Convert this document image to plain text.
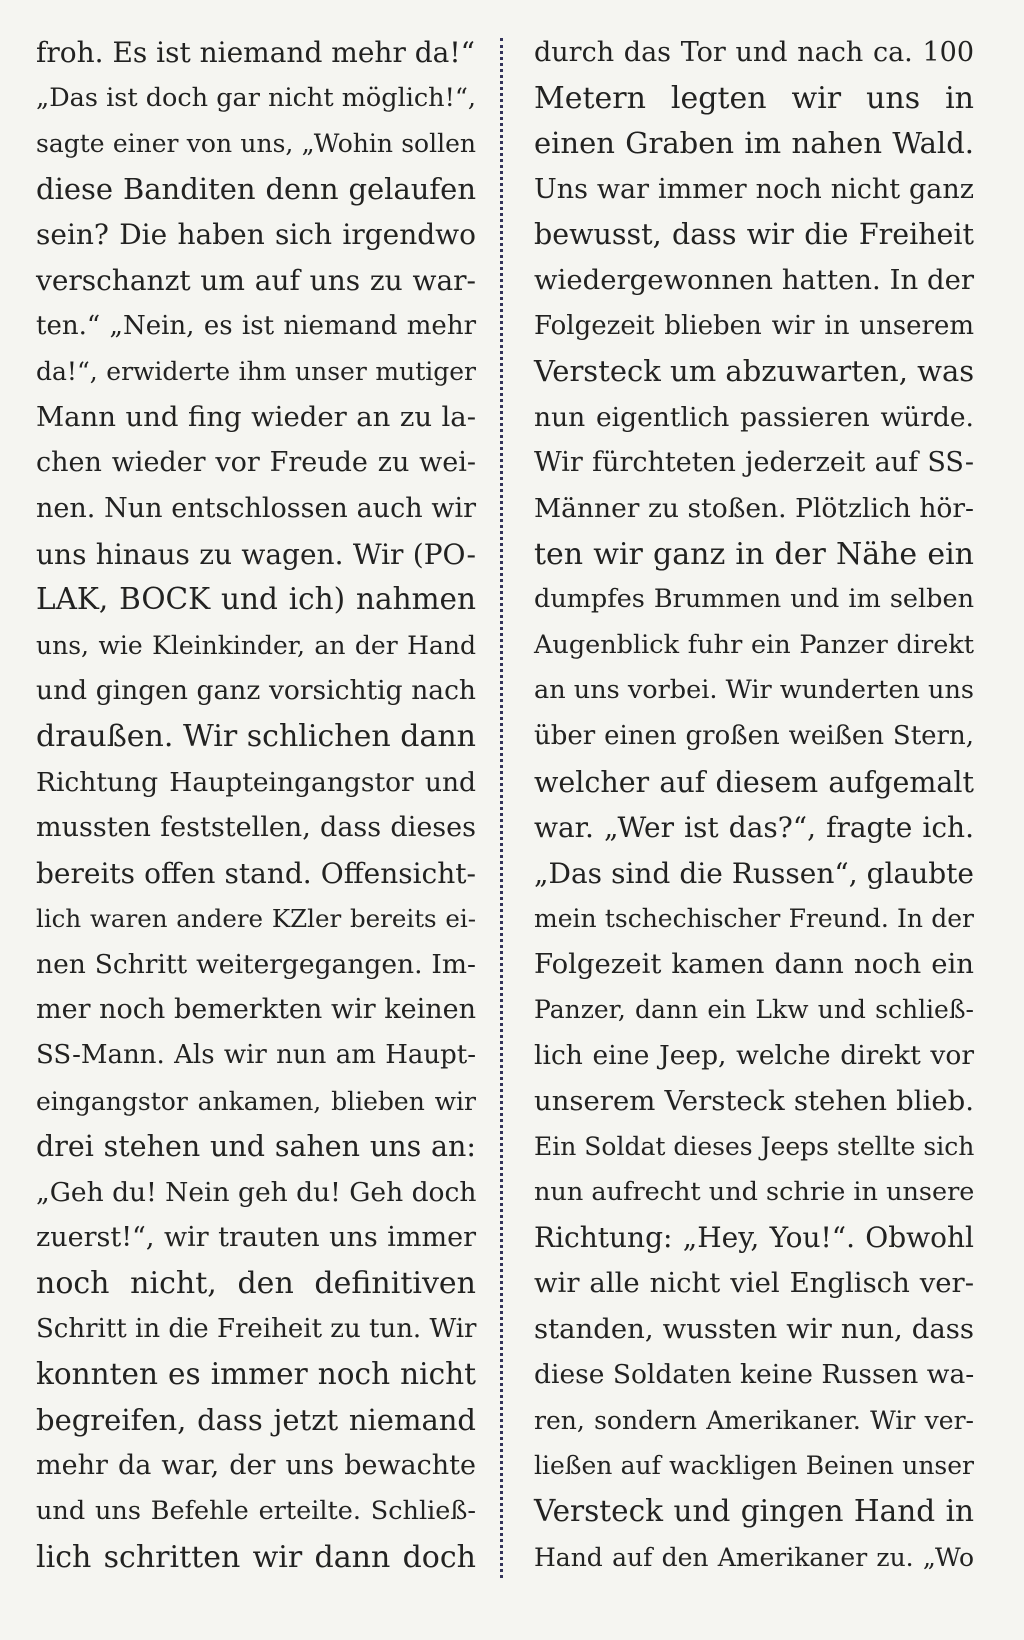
froh. Es ist niemand mehr da!“
„Das ist doch gar nicht möglich!“,
sagte einer von uns, „Wohin sollen
diese Banditen denn gelaufen
sein? Die haben sich irgendwo
verschanzt um auf uns zu war-
ten.“ „Nein, es ist niemand mehr
da!“, erwiderte ihm unser mutiger
Mann und fing wieder an zu la-
chen wieder vor Freude zu wei-
nen. Nun entschlossen auch wir
uns hinaus zu wagen. Wir (PO-
LAK, BOCK und ich) nahmen
uns, wie Kleinkinder, an der Hand
und gingen ganz vorsichtig nach
draußen. Wir schlichen dann
Richtung Haupteingangstor und
mussten feststellen, dass dieses
bereits offen stand. Offensicht-
lich waren andere KZler bereits ei-
nen Schritt weitergegangen. Im-
mer noch bemerkten wir keinen
SS-Mann. Als wir nun am Haupt-
eingangstor ankamen, blieben wir
drei stehen und sahen uns an:
„Geh du! Nein geh du! Geh doch
zuerst!“, wir trauten uns immer
noch nicht, den definitiven
Schritt in die Freiheit zu tun. Wir
konnten es immer noch nicht
begreifen, dass jetzt niemand
mehr da war, der uns bewachte
und uns Befehle erteilte. Schließ-
lich schritten wir dann doch
durch das Tor und nach ca. 100
Metern legten wir uns in
einen Graben im nahen Wald.
Uns war immer noch nicht ganz
bewusst, dass wir die Freiheit
wiedergewonnen hatten. In der
Folgezeit blieben wir in unserem
Versteck um abzuwarten, was
nun eigentlich passieren würde.
Wir fürchteten jederzeit auf SS-
Männer zu stoßen. Plötzlich hör-
ten wir ganz in der Nähe ein
dumpfes Brummen und im selben
Augenblick fuhr ein Panzer direkt
an uns vorbei. Wir wunderten uns
über einen großen weißen Stern,
welcher auf diesem aufgemalt
war. „Wer ist das?“, fragte ich.
„Das sind die Russen“, glaubte
mein tschechischer Freund. In der
Folgezeit kamen dann noch ein
Panzer, dann ein Lkw und schließ-
lich eine Jeep, welche direkt vor
unserem Versteck stehen blieb.
Ein Soldat dieses Jeeps stellte sich
nun aufrecht und schrie in unsere
Richtung: „Hey, You!“. Obwohl
wir alle nicht viel Englisch ver-
standen, wussten wir nun, dass
diese Soldaten keine Russen wa-
ren, sondern Amerikaner. Wir ver-
ließen auf wackligen Beinen unser
Versteck und gingen Hand in
Hand auf den Amerikaner zu. „Wo
